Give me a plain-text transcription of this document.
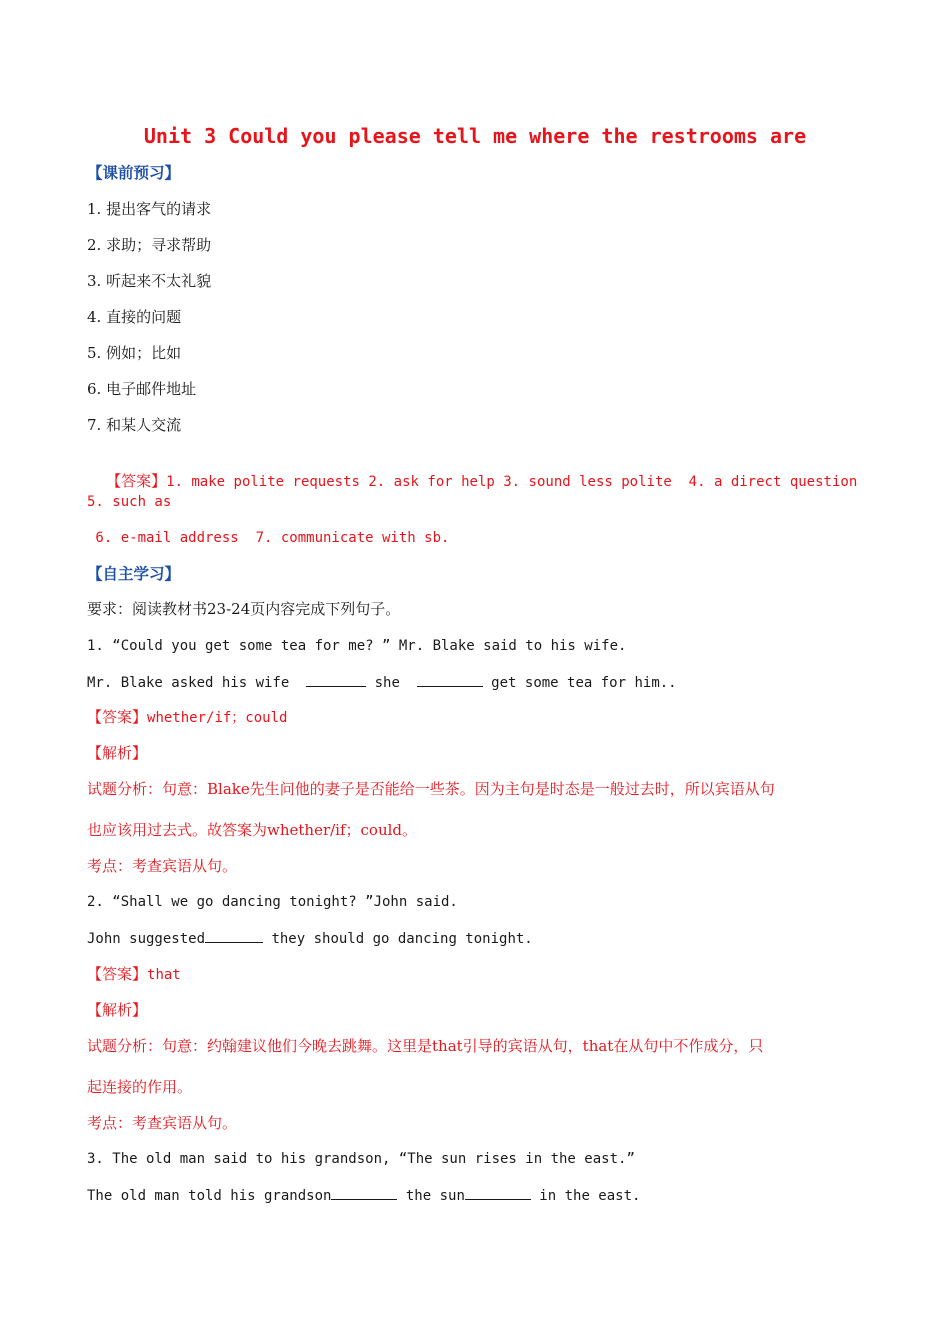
Unit 3 Could you please tell me where the restrooms are
【课前预习】
1. 提出客气的请求
2. 求助；寻求帮助
3. 听起来不太礼貌
4. 直接的问题
5. 例如；比如
6. 电子邮件地址
7. 和某人交流

【答案】1. make polite requests 2. ask for help 3. sound less polite  4. a direct question

5. such as
6. e-mail address  7. communicate with sb.
【自主学习】
要求：阅读教材书23-24页内容完成下列句子。
1. “Could you get some tea for me? ” Mr. Blake said to his wife.
Mr. Blake asked his wife	she	get some tea for him..
【答案】whether/if；could
【解析】
试题分析：句意：Blake先生问他的妻子是否能给一些茶。因为主句是时态是一般过去时，所以宾语从句
也应该用过去式。故答案为whether/if；could。
考点：考查宾语从句。
2. “Shall we go dancing tonight? ”John said.
John suggested	they should go dancing tonight.
【答案】that
【解析】
试题分析：句意：约翰建议他们今晚去跳舞。这里是that引导的宾语从句，that在从句中不作成分，只
起连接的作用。
考点：考查宾语从句。
3. The old man said to his grandson, “The sun rises in the east.”
The old man told his grandson	the sun	in the east.
